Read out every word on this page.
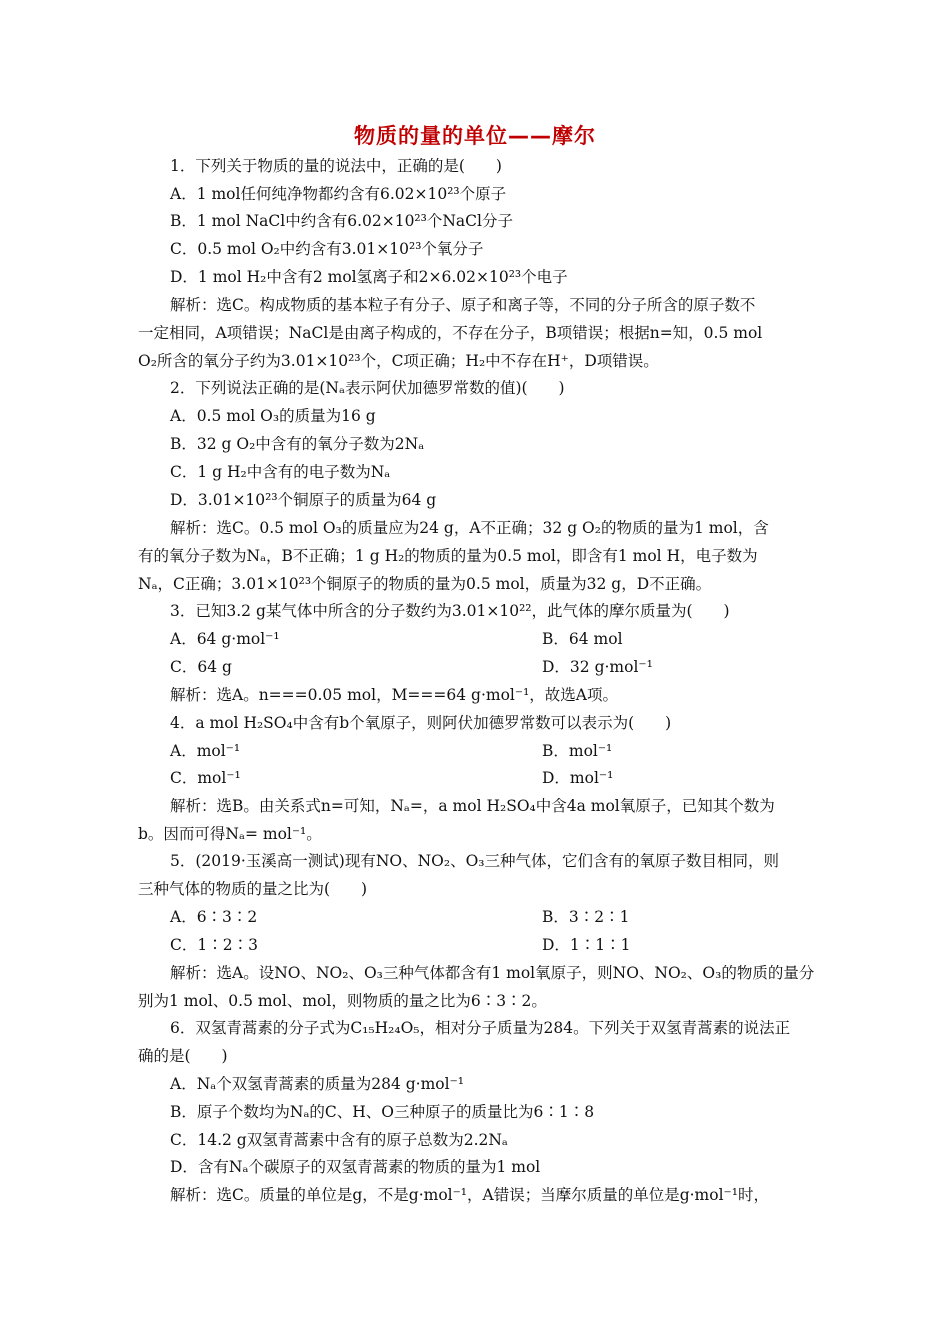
物质的量的单位——摩尔
1．下列关于物质的量的说法中，正确的是(　　)
A．1 mol任何纯净物都约含有6.02×10²³个原子
B．1 mol NaCl中约含有6.02×10²³个NaCl分子
C．0.5 mol O₂中约含有3.01×10²³个氧分子
D．1 mol H₂中含有2 mol氢离子和2×6.02×10²³个电子
解析：选C。构成物质的基本粒子有分子、原子和离子等，不同的分子所含的原子数不
一定相同，A项错误；NaCl是由离子构成的，不存在分子，B项错误；根据n=知，0.5 mol
O₂所含的氧分子约为3.01×10²³个，C项正确；H₂中不存在H⁺，D项错误。
2．下列说法正确的是(Nₐ表示阿伏加德罗常数的值)(　　)
A．0.5 mol O₃的质量为16 g
B．32 g O₂中含有的氧分子数为2Nₐ
C．1 g H₂中含有的电子数为Nₐ
D．3.01×10²³个铜原子的质量为64 g
解析：选C。0.5 mol O₃的质量应为24 g，A不正确；32 g O₂的物质的量为1 mol，含
有的氧分子数为Nₐ，B不正确；1 g H₂的物质的量为0.5 mol，即含有1 mol H，电子数为
Nₐ，C正确；3.01×10²³个铜原子的物质的量为0.5 mol，质量为32 g，D不正确。
3．已知3.2 g某气体中所含的分子数约为3.01×10²²，此气体的摩尔质量为(　　)
A．64 g·mol⁻¹	B．64 mol
C．64 g	D．32 g·mol⁻¹
解析：选A。n===0.05 mol，M===64 g·mol⁻¹，故选A项。
4．a mol H₂SO₄中含有b个氧原子，则阿伏加德罗常数可以表示为(　　)
A．mol⁻¹	B．mol⁻¹
C．mol⁻¹	D．mol⁻¹
解析：选B。由关系式n=可知，Nₐ=，a mol H₂SO₄中含4a mol氧原子，已知其个数为
b。因而可得Nₐ= mol⁻¹。
5．(2019·玉溪高一测试)现有NO、NO₂、O₃三种气体，它们含有的氧原子数目相同，则
三种气体的物质的量之比为(　　)
A．6∶3∶2	B．3∶2∶1
C．1∶2∶3	D．1∶1∶1
解析：选A。设NO、NO₂、O₃三种气体都含有1 mol氧原子，则NO、NO₂、O₃的物质的量分
别为1 mol、0.5 mol、mol，则物质的量之比为6∶3∶2。
6．双氢青蒿素的分子式为C₁₅H₂₄O₅，相对分子质量为284。下列关于双氢青蒿素的说法正
确的是(　　)
A．Nₐ个双氢青蒿素的质量为284 g·mol⁻¹
B．原子个数均为Nₐ的C、H、O三种原子的质量比为6∶1∶8
C．14.2 g双氢青蒿素中含有的原子总数为2.2Nₐ
D．含有Nₐ个碳原子的双氢青蒿素的物质的量为1 mol
解析：选C。质量的单位是g，不是g·mol⁻¹，A错误；当摩尔质量的单位是g·mol⁻¹时，
